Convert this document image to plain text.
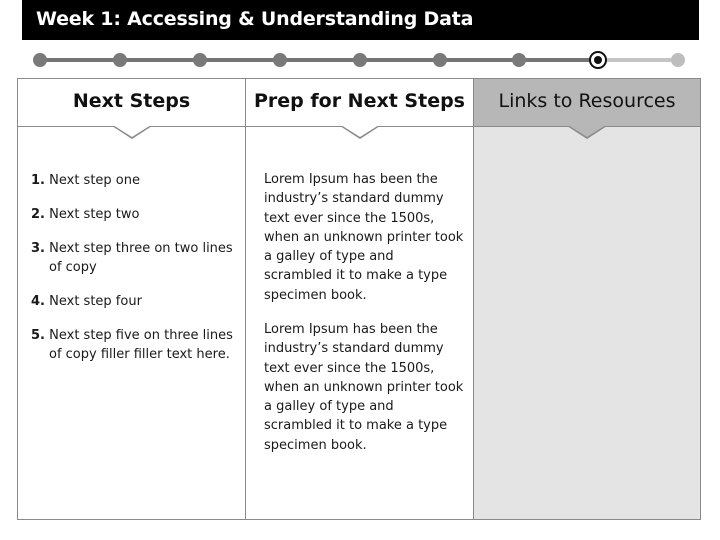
Week 1: Accessing & Understanding Data
Next Steps
1. Next step one
2. Next step two
3. Next step three on two lines of copy
4. Next step four
5. Next step five on three lines of copy filler filler text here.
Prep for Next Steps

Lorem Ipsum has been the industry’s standard dummy text ever since the 1500s, when an unknown printer took a galley of type and scrambled it to make a type specimen book.

Lorem Ipsum has been the industry’s standard dummy text ever since the 1500s, when an unknown printer took a galley of type and scrambled it to make a type specimen book.

Links to Resources
